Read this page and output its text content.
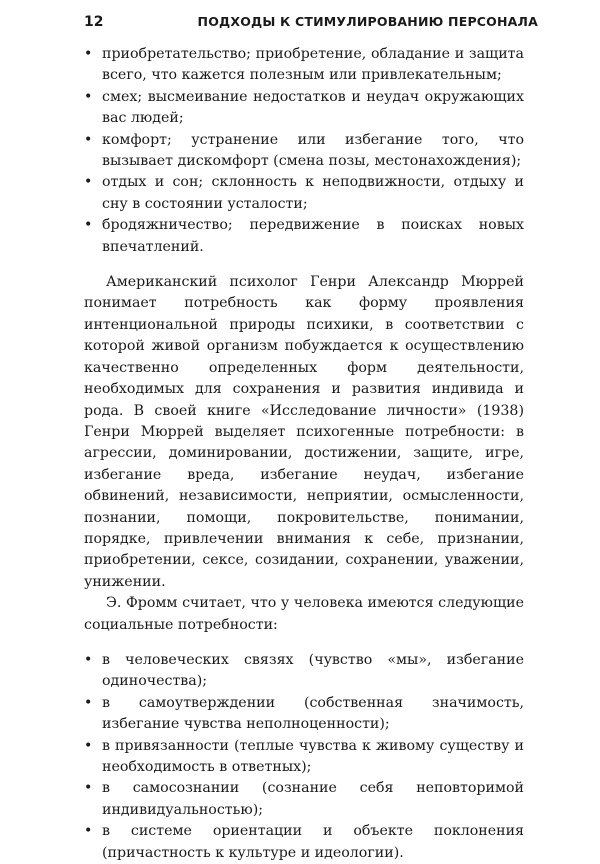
12	ПОДХОДЫ К СТИМУЛИРОВАНИЮ ПЕРСОНАЛА
• приобретательство; приобретение, обладание и защита всего, что кажется полезным или привлекательным;
• смех; высмеивание недостатков и неудач окружающих вас людей;
• комфорт; устранение или избегание того, что вызывает дискомфорт (смена позы, местонахождения);
• отдых и сон; склонность к неподвижности, отдыху и сну в состоянии усталости;
• бродяжничество; передвижение в поисках новых впечатлений.

Американский психолог Генри Александр Мюррей понимает потребность как форму проявления интенциональной природы психики, в соответствии с которой живой организм побуждается к осуществлению качественно определенных форм деятельности, необходимых для сохранения и развития индивида и рода. В своей книге «Исследование личности» (1938) Генри Мюррей выделяет психогенные потребности: в агрессии, доминировании, достижении, защите, игре, избегание вреда, избегание неудач, избегание обвинений, независимости, неприятии, осмысленности, познании, помощи, покровительстве, понимании, порядке, привлечении внимания к себе, признании, приобретении, сексе, созидании, сохранении, уважении, унижении.

Э. Фромм считает, что у человека имеются следующие социальные потребности:

• в человеческих связях (чувство «мы», избегание одиночества);
• в самоутверждении (собственная значимость, избегание чувства неполноценности);
• в привязанности (теплые чувства к живому существу и необходимость в ответных);
• в самосознании (сознание себя неповторимой индивидуальностью);
• в системе ориентации и объекте поклонения (причастность к культуре и идеологии).
